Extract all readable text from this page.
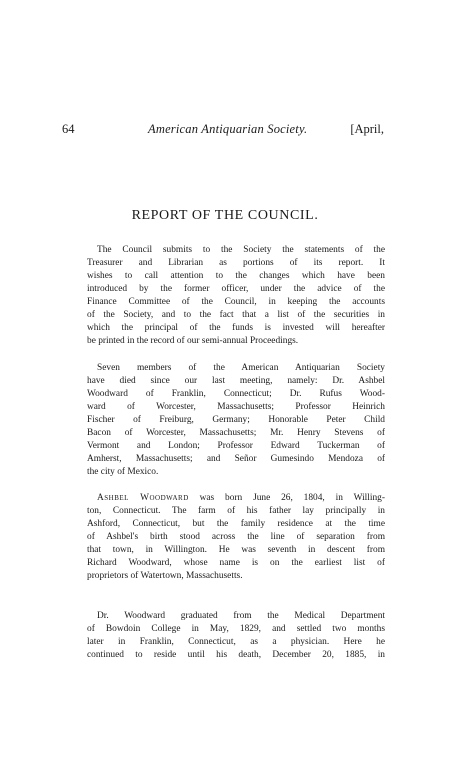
64	American Antiquarian Society.	[April,
REPORT OF THE COUNCIL.
The Council submits to the Society the statements of the
Treasurer and Librarian as portions of its report. It
wishes to call attention to the changes which have been
introduced by the former officer, under the advice of the
Finance Committee of the Council, in keeping the accounts
of the Society, and to the fact that a list of the securities in
which the principal of the funds is invested will hereafter
be printed in the record of our semi-annual Proceedings.
Seven members of the American Antiquarian Society
have died since our last meeting, namely: Dr. Ashbel
Woodward of Franklin, Connecticut; Dr. Rufus Wood-
ward of Worcester, Massachusetts; Professor Heinrich
Fischer of Freiburg, Germany; Honorable Peter Child
Bacon of Worcester, Massachusetts; Mr. Henry Stevens of
Vermont and London; Professor Edward Tuckerman of
Amherst, Massachusetts; and Señor Gumesindo Mendoza of
the city of Mexico.
Ashbel Woodward was born June 26, 1804, in Willing-
ton, Connecticut. The farm of his father lay principally in
Ashford, Connecticut, but the family residence at the time
of Ashbel's birth stood across the line of separation from
that town, in Willington. He was seventh in descent from
Richard Woodward, whose name is on the earliest list of
proprietors of Watertown, Massachusetts.
Dr. Woodward graduated from the Medical Department
of Bowdoin College in May, 1829, and settled two months
later in Franklin, Connecticut, as a physician. Here he
continued to reside until his death, December 20, 1885, in
